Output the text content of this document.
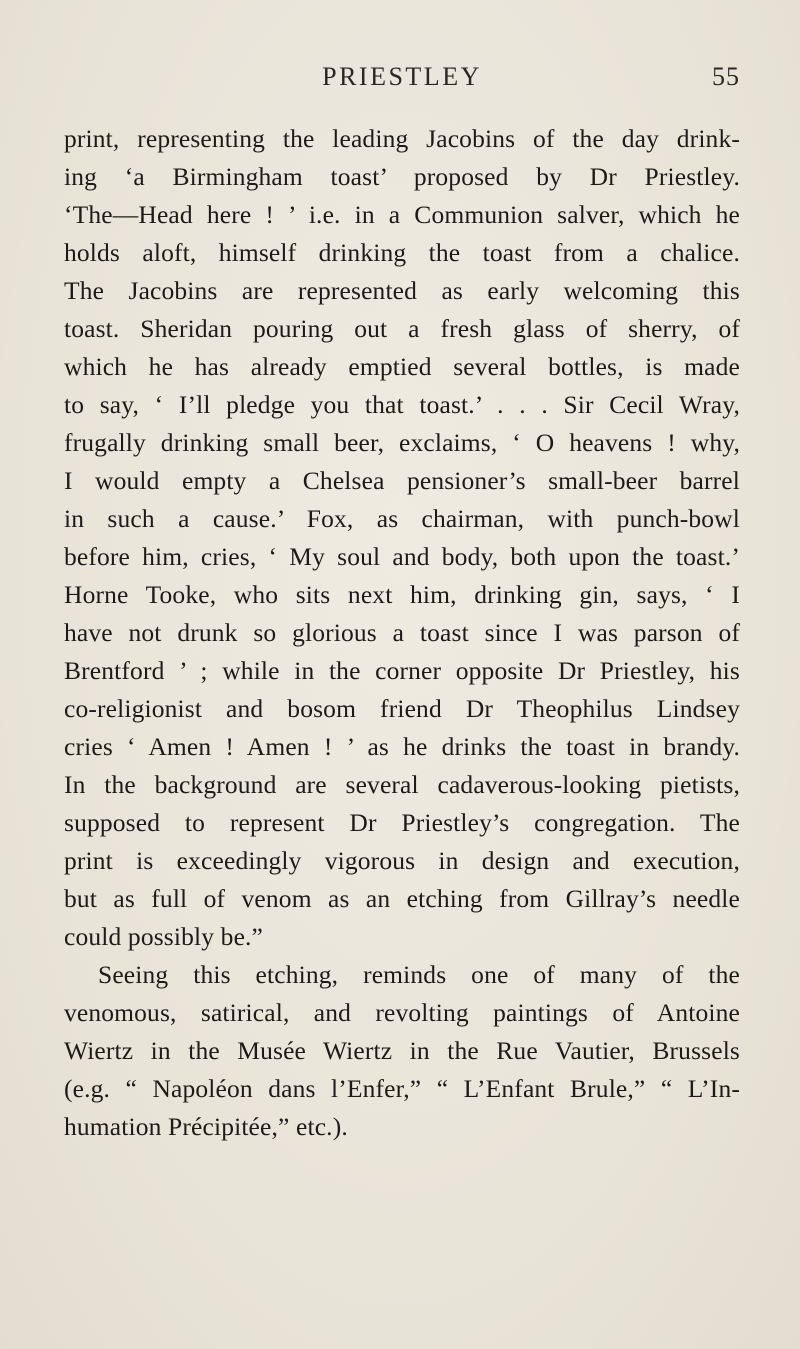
PRIESTLEY	55
print, representing the leading Jacobins of the day drink-
ing ‘a Birmingham toast’ proposed by Dr Priestley.
‘The—Head here ! ’ i.e. in a Communion salver, which he
holds aloft, himself drinking the toast from a chalice.
The Jacobins are represented as early welcoming this
toast. Sheridan pouring out a fresh glass of sherry, of
which he has already emptied several bottles, is made
to say, ‘ I’ll pledge you that toast.’ . . . Sir Cecil Wray,
frugally drinking small beer, exclaims, ‘ O heavens ! why,
I would empty a Chelsea pensioner’s small-beer barrel
in such a cause.’ Fox, as chairman, with punch-bowl
before him, cries, ‘ My soul and body, both upon the toast.’
Horne Tooke, who sits next him, drinking gin, says, ‘ I
have not drunk so glorious a toast since I was parson of
Brentford ’ ; while in the corner opposite Dr Priestley, his
co-religionist and bosom friend Dr Theophilus Lindsey
cries ‘ Amen ! Amen ! ’ as he drinks the toast in brandy.
In the background are several cadaverous-looking pietists,
supposed to represent Dr Priestley’s congregation. The
print is exceedingly vigorous in design and execution,
but as full of venom as an etching from Gillray’s needle
could possibly be.”
Seeing this etching, reminds one of many of the
venomous, satirical, and revolting paintings of Antoine
Wiertz in the Musée Wiertz in the Rue Vautier, Brussels
(e.g. “ Napoléon dans l’Enfer,” “ L’Enfant Brule,” “ L’In-
humation Précipitée,” etc.).
